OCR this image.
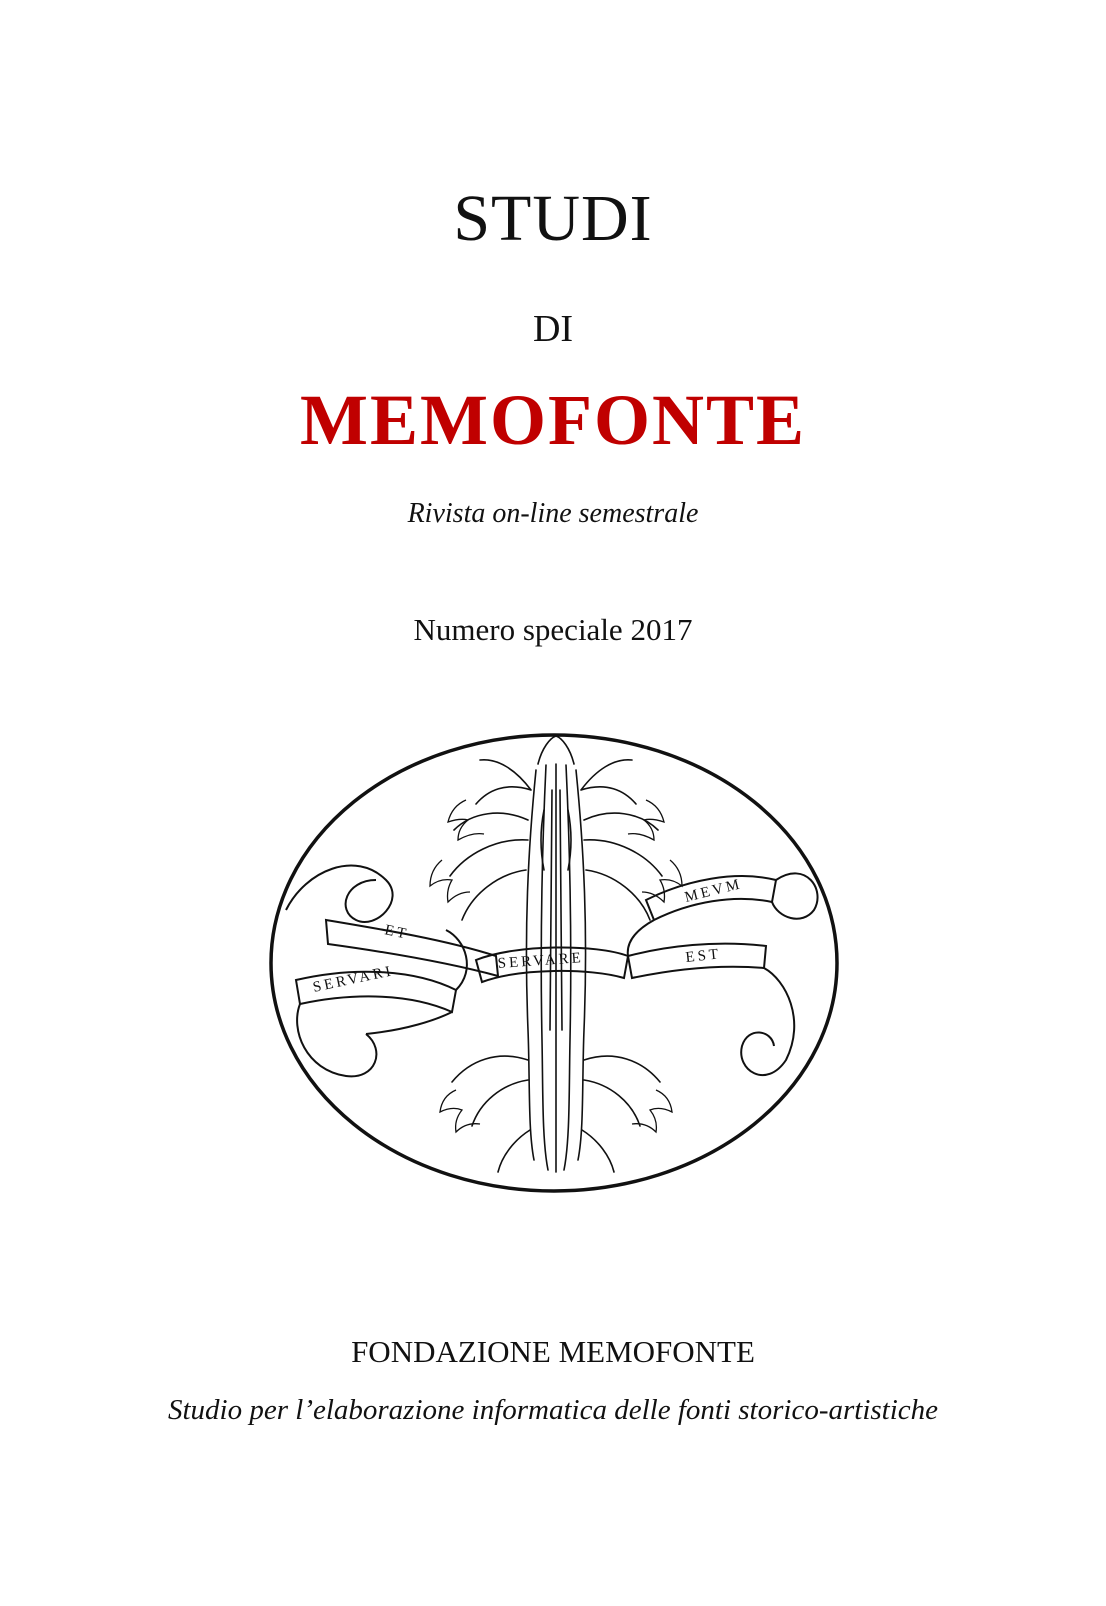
STUDI
DI
MEMOFONTE
Rivista on-line semestrale
Numero speciale 2017
ET
SERVARI
SERVARE
MEVM
EST
FONDAZIONE MEMOFONTE
Studio per l’elaborazione informatica delle fonti storico-artistiche
